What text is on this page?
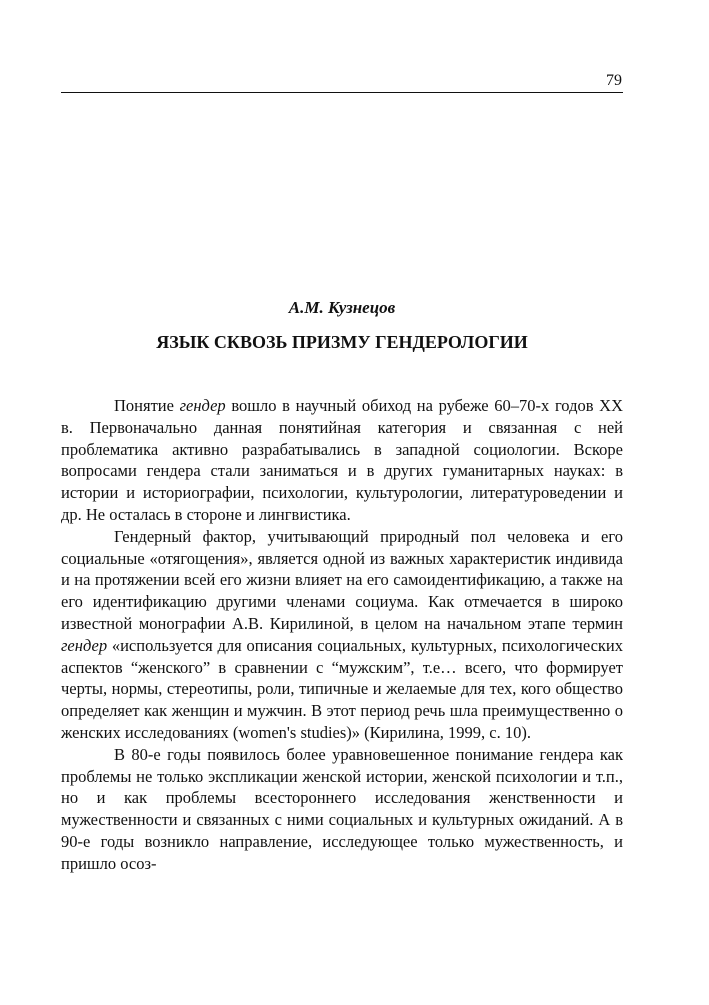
79
А.М. Кузнецов
ЯЗЫК СКВОЗЬ ПРИЗМУ ГЕНДЕРОЛОГИИ

Понятие гендер вошло в научный обиход на рубеже 60–70-х годов XX в. Первоначально данная понятийная категория и связанная с ней проблематика активно разрабатывались в западной социологии. Вскоре вопросами гендера стали заниматься и в других гуманитарных науках: в истории и историографии, психологии, культурологии, литературоведении и др. Не осталась в стороне и лингвистика.

Гендерный фактор, учитывающий природный пол человека и его социальные «отягощения», является одной из важных характеристик индивида и на протяжении всей его жизни влияет на его самоидентификацию, а также на его идентификацию другими членами социума. Как отмечается в широко известной монографии А.В. Кирилиной, в целом на начальном этапе термин гендер «используется для описания социальных, культурных, психологических аспектов “женского” в сравнении с “мужским”, т.е… всего, что формирует черты, нормы, стереотипы, роли, типичные и желаемые для тех, кого общество определяет как женщин и мужчин. В этот период речь шла преимущественно о женских исследованиях (women's studies)» (Кирилина, 1999, с. 10).

В 80-е годы появилось более уравновешенное понимание гендера как проблемы не только экспликации женской истории, женской психологии и т.п., но и как проблемы всестороннего исследования женственности и мужественности и связанных с ними социальных и культурных ожиданий. А в 90-е годы возникло направление, исследующее только мужественность, и пришло осоз-
